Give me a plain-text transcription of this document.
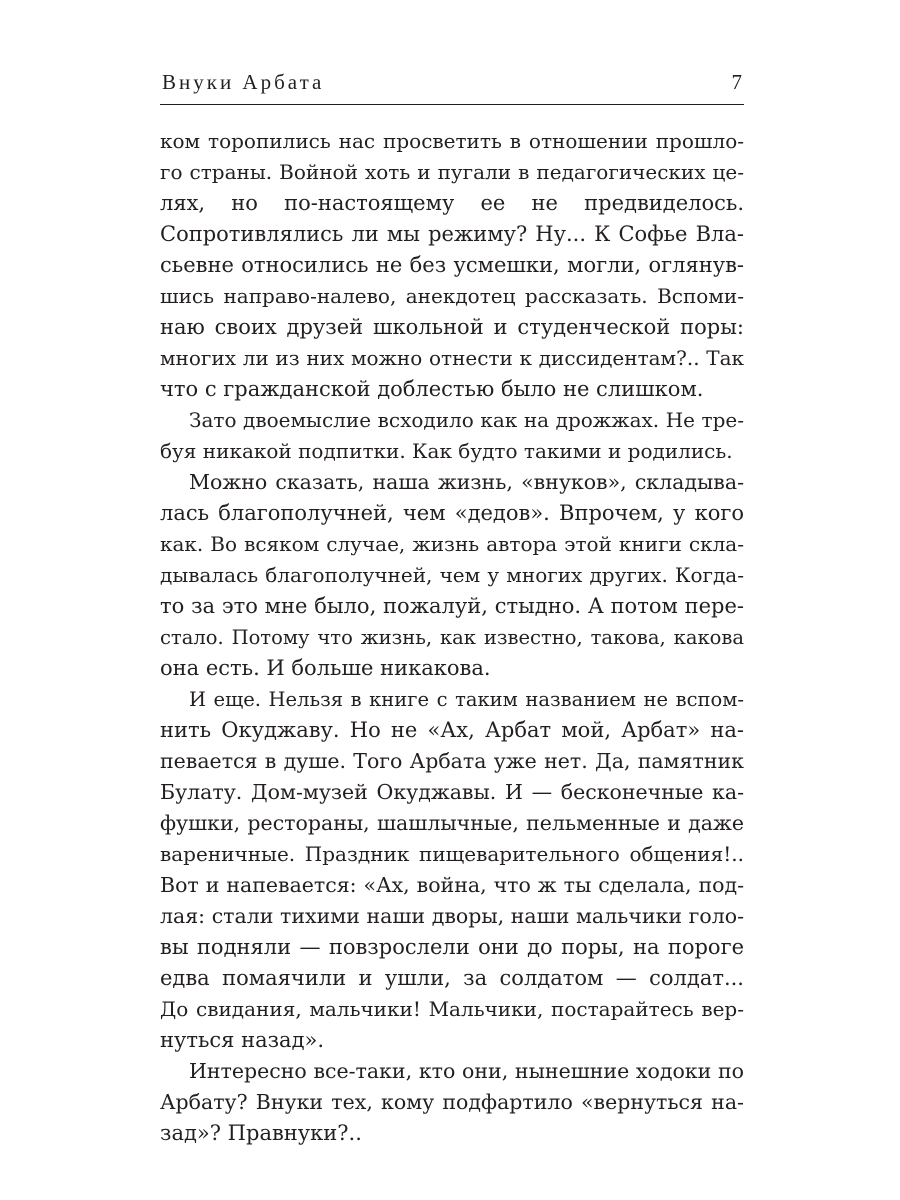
Внуки Арбата	7
ком торопились нас просветить в отношении прошло-
го страны. Войной хоть и пугали в педагогических це-
лях, но по-настоящему ее не предвиделось.
Сопротивлялись ли мы режиму? Ну... К Софье Вла-
сьевне относились не без усмешки, могли, оглянув-
шись направо-налево, анекдотец рассказать. Вспоми-
наю своих друзей школьной и студенческой поры:
многих ли из них можно отнести к диссидентам?.. Так
что с гражданской доблестью было не слишком.
Зато двоемыслие всходило как на дрожжах. Не тре-
буя никакой подпитки. Как будто такими и родились.
Можно сказать, наша жизнь, «внуков», складыва-
лась благополучней, чем «дедов». Впрочем, у кого
как. Во всяком случае, жизнь автора этой книги скла-
дывалась благополучней, чем у многих других. Когда-
то за это мне было, пожалуй, стыдно. А потом пере-
стало. Потому что жизнь, как известно, такова, какова
она есть. И больше никакова.
И еще. Нельзя в книге с таким названием не вспом-
нить Окуджаву. Но не «Ах, Арбат мой, Арбат» на-
певается в душе. Того Арбата уже нет. Да, памятник
Булату. Дом-музей Окуджавы. И — бесконечные ка-
фушки, рестораны, шашлычные, пельменные и даже
вареничные. Праздник пищеварительного общения!..
Вот и напевается: «Ах, война, что ж ты сделала, под-
лая: стали тихими наши дворы, наши мальчики голо-
вы подняли — повзрослели они до поры, на пороге
едва помаячили и ушли, за солдатом — солдат...
До свидания, мальчики! Мальчики, постарайтесь вер-
нуться назад».
Интересно все-таки, кто они, нынешние ходоки по
Арбату? Внуки тех, кому подфартило «вернуться на-
зад»? Правнуки?..
